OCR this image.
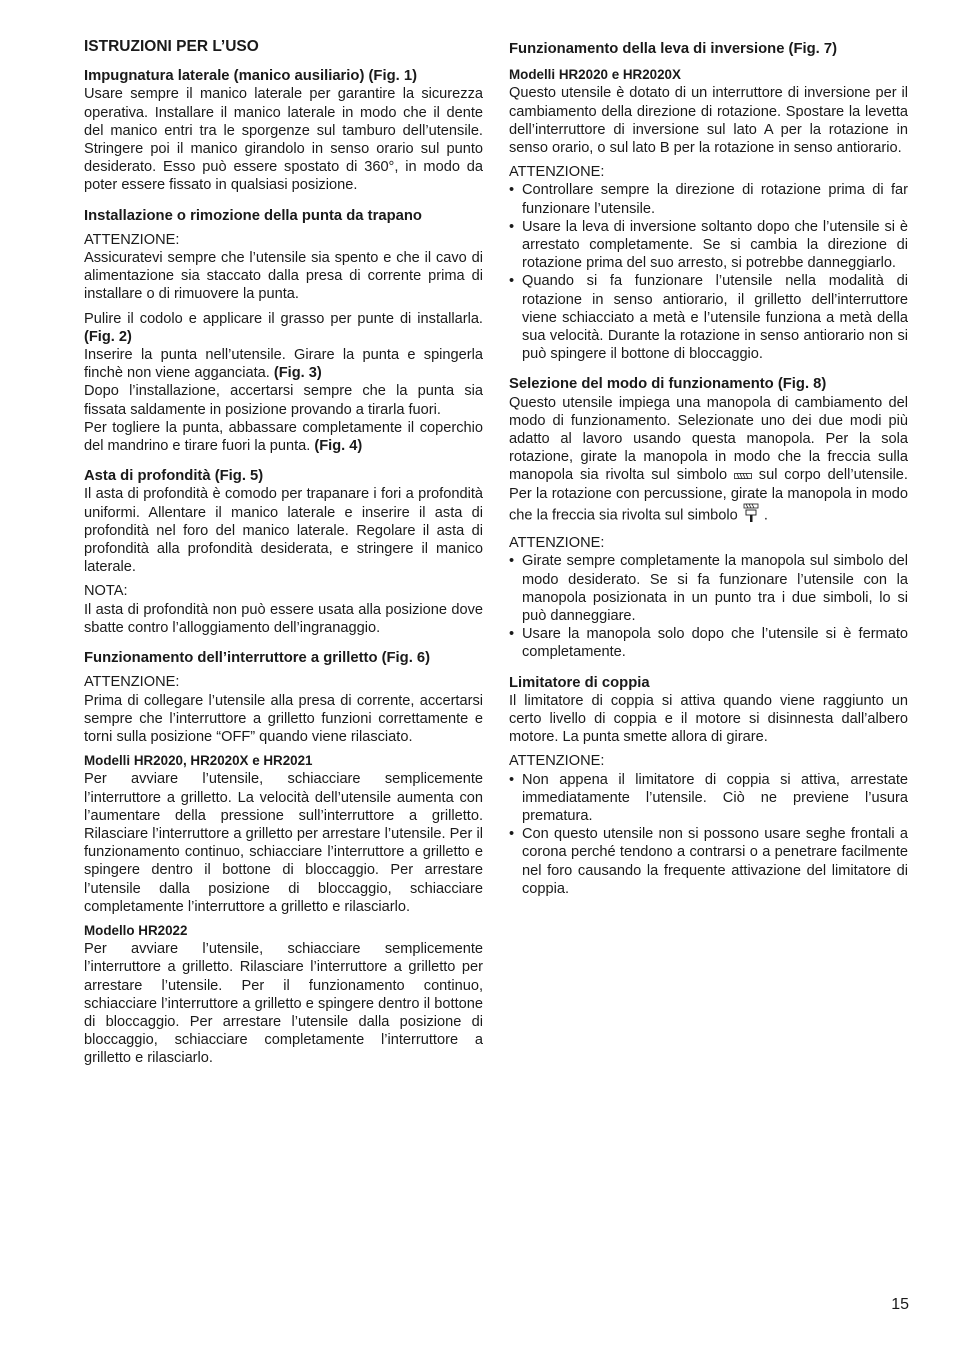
ISTRUZIONI PER L’USO
Impugnatura laterale (manico ausiliario) (Fig. 1)

Usare sempre il manico laterale per garantire la sicurezza operativa. Installare il manico laterale in modo che il dente del manico entri tra le sporgenze sul tamburo dell’utensile. Stringere poi il manico girandolo in senso orario sul punto desiderato. Esso può essere spostato di 360°, in modo da poter essere fissato in qualsiasi posizione.

Installazione o rimozione della punta da trapano

ATTENZIONE:

Assicuratevi sempre che l’utensile sia spento e che il cavo di alimentazione sia staccato dalla presa di corrente prima di installare o di rimuovere la punta.

Pulire il codolo e applicare il grasso per punte di installarla. (Fig. 2)

Inserire la punta nell’utensile. Girare la punta e spingerla finchè non viene agganciata. (Fig. 3)

Dopo l’installazione, accertarsi sempre che la punta sia fissata saldamente in posizione provando a tirarla fuori.

Per togliere la punta, abbassare completamente il coperchio del mandrino e tirare fuori la punta. (Fig. 4)

Asta di profondità (Fig. 5)

Il asta di profondità è comodo per trapanare i fori a profondità uniformi. Allentare il manico laterale e inserire il asta di profondità nel foro del manico laterale. Regolare il asta di profondità alla profondità desiderata, e stringere il manico laterale.

NOTA:

Il asta di profondità non può essere usata alla posizione dove sbatte contro l’alloggiamento dell’ingranaggio.

Funzionamento dell’interruttore a grilletto (Fig. 6)

ATTENZIONE:

Prima di collegare l’utensile alla presa di corrente, accertarsi sempre che l’interruttore a grilletto funzioni correttamente e torni sulla posizione “OFF” quando viene rilasciato.

Modelli HR2020, HR2020X e HR2021

Per avviare l’utensile, schiacciare semplicemente l’interruttore a grilletto. La velocità dell’utensile aumenta con l’aumentare della pressione sull’interruttore a grilletto. Rilasciare l’interruttore a grilletto per arrestare l’utensile. Per il funzionamento continuo, schiacciare l’interruttore a grilletto e spingere dentro il bottone di bloccaggio. Per arrestare l’utensile dalla posizione di bloccaggio, schiacciare completamente l’interruttore a grilletto e rilasciarlo.

Modello HR2022

Per avviare l’utensile, schiacciare semplicemente l’interruttore a grilletto. Rilasciare l’interruttore a grilletto per arrestare l’utensile. Per il funzionamento continuo, schiacciare l’interruttore a grilletto e spingere dentro il bottone di bloccaggio. Per arrestare l’utensile dalla posizione di bloccaggio, schiacciare completamente l’interruttore a grilletto e rilasciarlo.

Funzionamento della leva di inversione (Fig. 7)
Modelli HR2020 e HR2020X

Questo utensile è dotato di un interruttore di inversione per il cambiamento della direzione di rotazione. Spostare la levetta dell’interruttore di inversione sul lato A per la rotazione in senso orario, o sul lato B per la rotazione in senso antiorario.

ATTENZIONE:

• Controllare sempre la direzione di rotazione prima di far funzionare l’utensile.
• Usare la leva di inversione soltanto dopo che l’utensile si è arrestato completamente. Se si cambia la direzione di rotazione prima del suo arresto, si potrebbe danneggiarlo.
• Quando si fa funzionare l’utensile nella modalità di rotazione in senso antiorario, il grilletto dell’interruttore viene schiacciato a metà e l’utensile funziona a metà della sua velocità. Durante la rotazione in senso antiorario non si può spingere il bottone di bloccaggio.
Selezione del modo di funzionamento (Fig. 8)

Questo utensile impiega una manopola di cambiamento del modo di funzionamento. Selezionate uno dei due modi più adatto al lavoro usando questa manopola. Per la sola rotazione, girate la manopola in modo che la freccia sulla manopola sia rivolta sul simbolo sul corpo dell’utensile. Per la rotazione con percussione, girate la manopola in modo che la freccia sia rivolta sul simbolo .

ATTENZIONE:

• Girate sempre completamente la manopola sul simbolo del modo desiderato. Se si fa funzionare l’utensile con la manopola posizionata in un punto tra i due simboli, lo si può danneggiare.
• Usare la manopola solo dopo che l’utensile si è fermato completamente.
Limitatore di coppia

Il limitatore di coppia si attiva quando viene raggiunto un certo livello di coppia e il motore si disinnesta dall’albero motore. La punta smette allora di girare.

ATTENZIONE:

• Non appena il limitatore di coppia si attiva, arrestate immediatamente l’utensile. Ciò ne previene l’usura prematura.
• Con questo utensile non si possono usare seghe frontali a corona perché tendono a contrarsi o a penetrare facilmente nel foro causando la frequente attivazione del limitatore di coppia.
15
